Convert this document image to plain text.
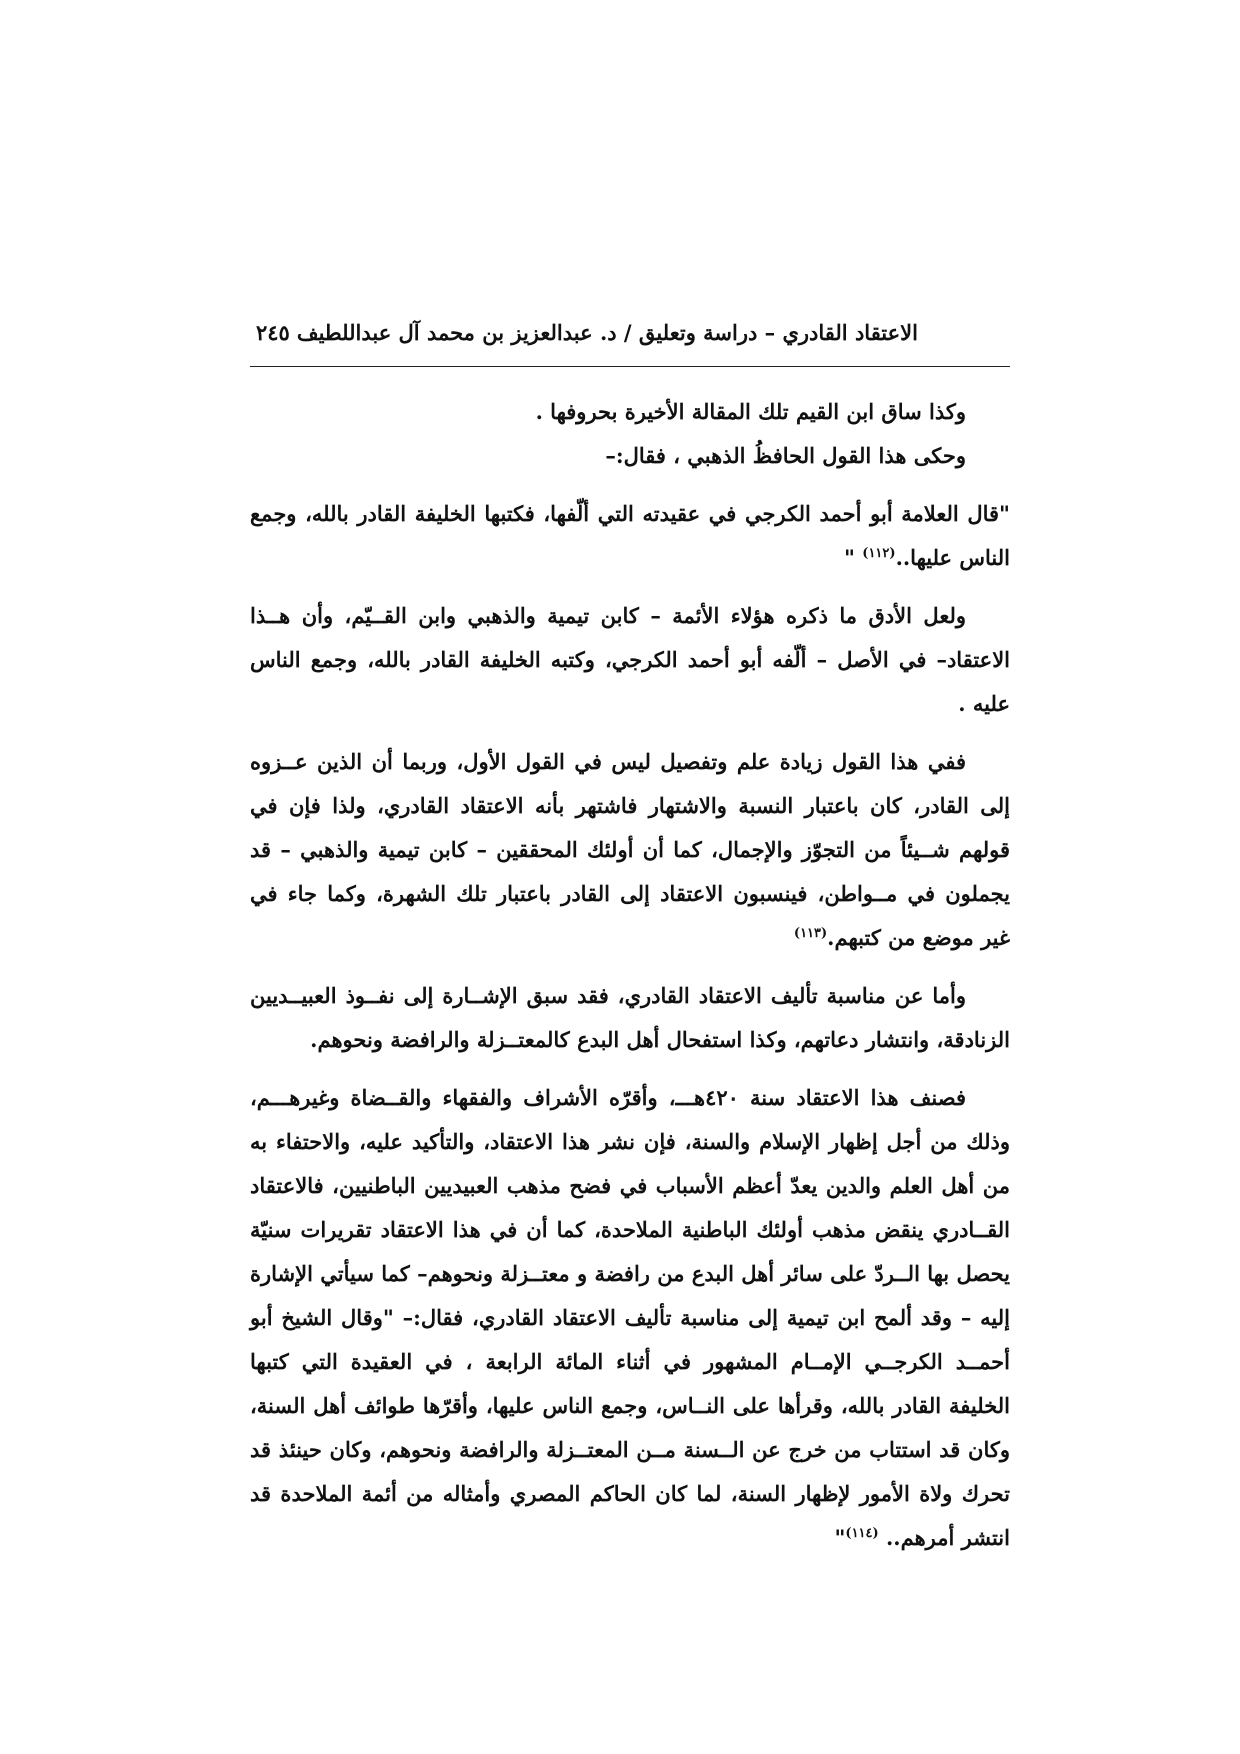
الاعتقاد القادري – دراسة وتعليق / د. عبدالعزيز بن محمد آل عبداللطيف
٢٤٥

وكذا ساق ابن القيم تلك المقالة الأخيرة بحروفها .

وحكى هذا القول الحافظُ الذهبي ، فقال:–

"قال العلامة أبو أحمد الكرجي في عقيدته التي ألّفها، فكتبها الخليفة القادر بالله، وجمع الناس عليها..$^{(١١٢)}$ "

ولعل الأدق ما ذكره هؤلاء الأئمة – كابن تيمية والذهبي وابن القــيّم، وأن هــذا الاعتقاد– في الأصل – ألّفه أبو أحمد الكرجي، وكتبه الخليفة القادر بالله، وجمع الناس عليه .

ففي هذا القول زيادة علم وتفصيل ليس في القول الأول، وربما أن الذين عــزوه إلى القادر، كان باعتبار النسبة والاشتهار فاشتهر بأنه الاعتقاد القادري، ولذا فإن في قولهم شــيئاً من التجوّز والإجمال، كما أن أولئك المحققين – كابن تيمية والذهبي – قد يجملون في مــواطن، فينسبون الاعتقاد إلى القادر باعتبار تلك الشهرة، وكما جاء في غير موضع من كتبهم.$^{(١١٣)}$

وأما عن مناسبة تأليف الاعتقاد القادري، فقد سبق الإشــارة إلى نفــوذ العبيــديين الزنادقة، وانتشار دعاتهم، وكذا استفحال أهل البدع كالمعتــزلة والرافضة ونحوهم.

فصنف هذا الاعتقاد سنة ٤٢٠هـــ، وأقرّه الأشراف والفقهاء والقــضاة وغيرهـــم، وذلك من أجل إظهار الإسلام والسنة، فإن نشر هذا الاعتقاد، والتأكيد عليه، والاحتفاء به من أهل العلم والدين يعدّ أعظم الأسباب في فضح مذهب العبيديين الباطنيين، فالاعتقاد القــادري ينقض مذهب أولئك الباطنية الملاحدة، كما أن في هذا الاعتقاد تقريرات سنيّة يحصل بها الــردّ على سائر أهل البدع من رافضة و معتــزلة ونحوهم– كما سيأتي الإشارة إليه – وقد ألمح ابن تيمية إلى مناسبة تأليف الاعتقاد القادري، فقال:– "وقال الشيخ أبو أحمــد الكرجــي الإمــام المشهور في أثناء المائة الرابعة ، في العقيدة التي كتبها الخليفة القادر بالله، وقرأها على النــاس، وجمع الناس عليها، وأقرّها طوائف أهل السنة، وكان قد استتاب من خرج عن الــسنة مــن المعتــزلة والرافضة ونحوهم، وكان حينئذ قد تحرك ولاة الأمور لإظهار السنة، لما كان الحاكم المصري وأمثاله من أئمة الملاحدة قد انتشر أمرهم.. $^{(١١٤)}$"
